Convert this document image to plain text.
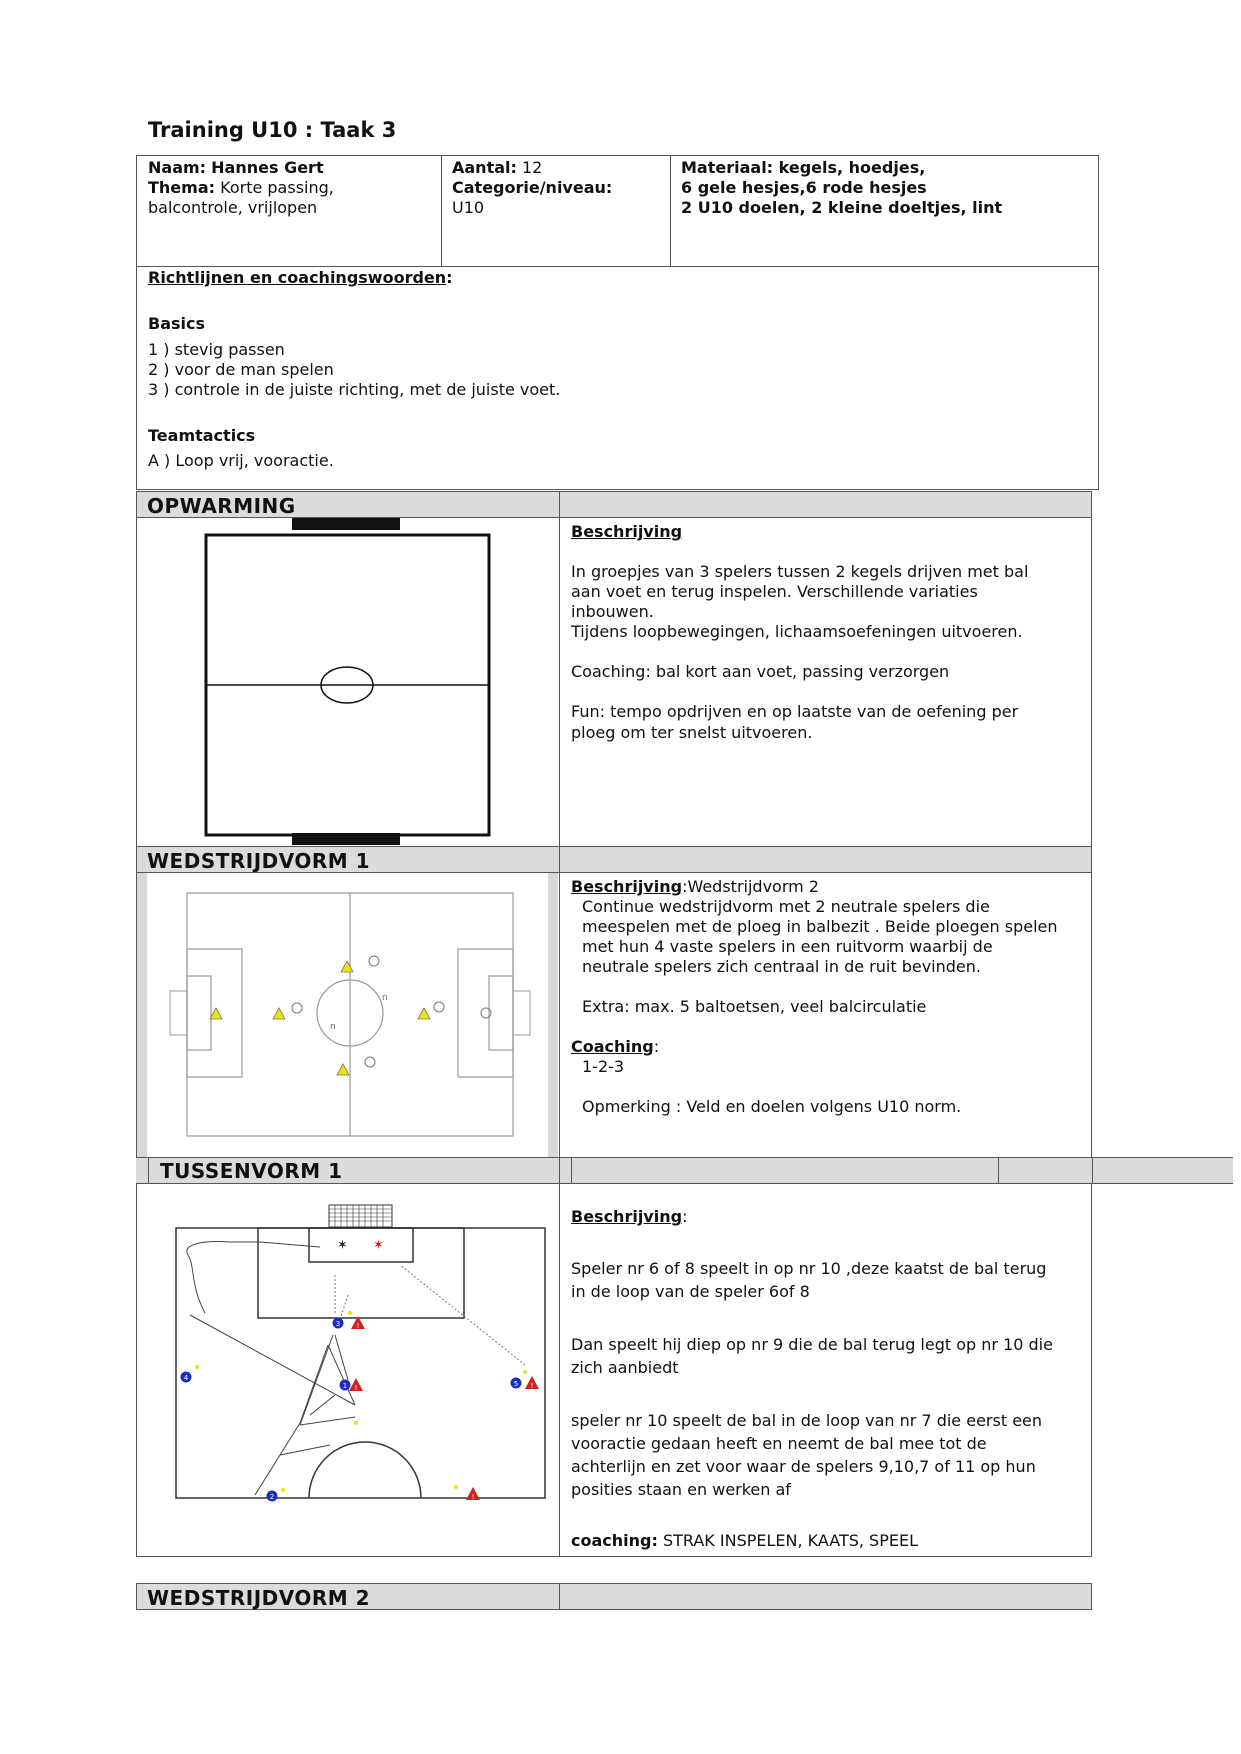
Training U10 : Taak 3
Naam: Hannes Gert
Thema: Korte passing,
balcontrole, vrijlopen
Aantal: 12
Categorie/niveau:
U10
Materiaal: kegels, hoedjes,
6 gele hesjes,6 rode hesjes
2 U10 doelen, 2 kleine doeltjes, lint
Richtlijnen en coachingswoorden:
Basics
1 ) stevig passen
2 ) voor de man spelen
3 ) controle in de juiste richting, met de juiste voet.
Teamtactics
A ) Loop vrij, vooractie.
OPWARMING
Beschrijving
In groepjes van 3 spelers tussen 2 kegels drijven met bal
aan voet en terug inspelen. Verschillende variaties
inbouwen.
Tijdens loopbewegingen, lichaamsoefeningen uitvoeren.
Coaching: bal kort aan voet, passing verzorgen
Fun: tempo opdrijven en op laatste van de oefening per
ploeg om ter snelst uitvoeren.
WEDSTRIJDVORM 1
n
n
Beschrijving:Wedstrijdvorm 2
Continue wedstrijdvorm met 2 neutrale spelers die
meespelen met de ploeg in balbezit . Beide ploegen spelen
met hun 4 vaste spelers in een ruitvorm waarbij de
neutrale spelers zich centraal in de ruit bevinden.
Extra: max. 5 baltoetsen, veel balcirculatie
Coaching:
1-2-3
Opmerking : Veld en doelen volgens U10 norm.
TUSSENVORM 1
✶ ✶
3
1
4
5
2
!
!	!
!
Beschrijving:
Speler nr 6 of 8 speelt in op nr 10 ,deze kaatst de bal terug
in de loop van de speler 6of 8
Dan speelt hij diep op nr 9 die de bal terug legt op nr 10 die
zich aanbiedt
speler nr 10 speelt de bal in de loop van nr 7 die eerst een
vooractie gedaan heeft en neemt de bal mee tot de
achterlijn en zet voor waar de spelers 9,10,7 of 11 op hun
posities staan en werken af
coaching: STRAK INSPELEN, KAATS, SPEEL
WEDSTRIJDVORM 2
